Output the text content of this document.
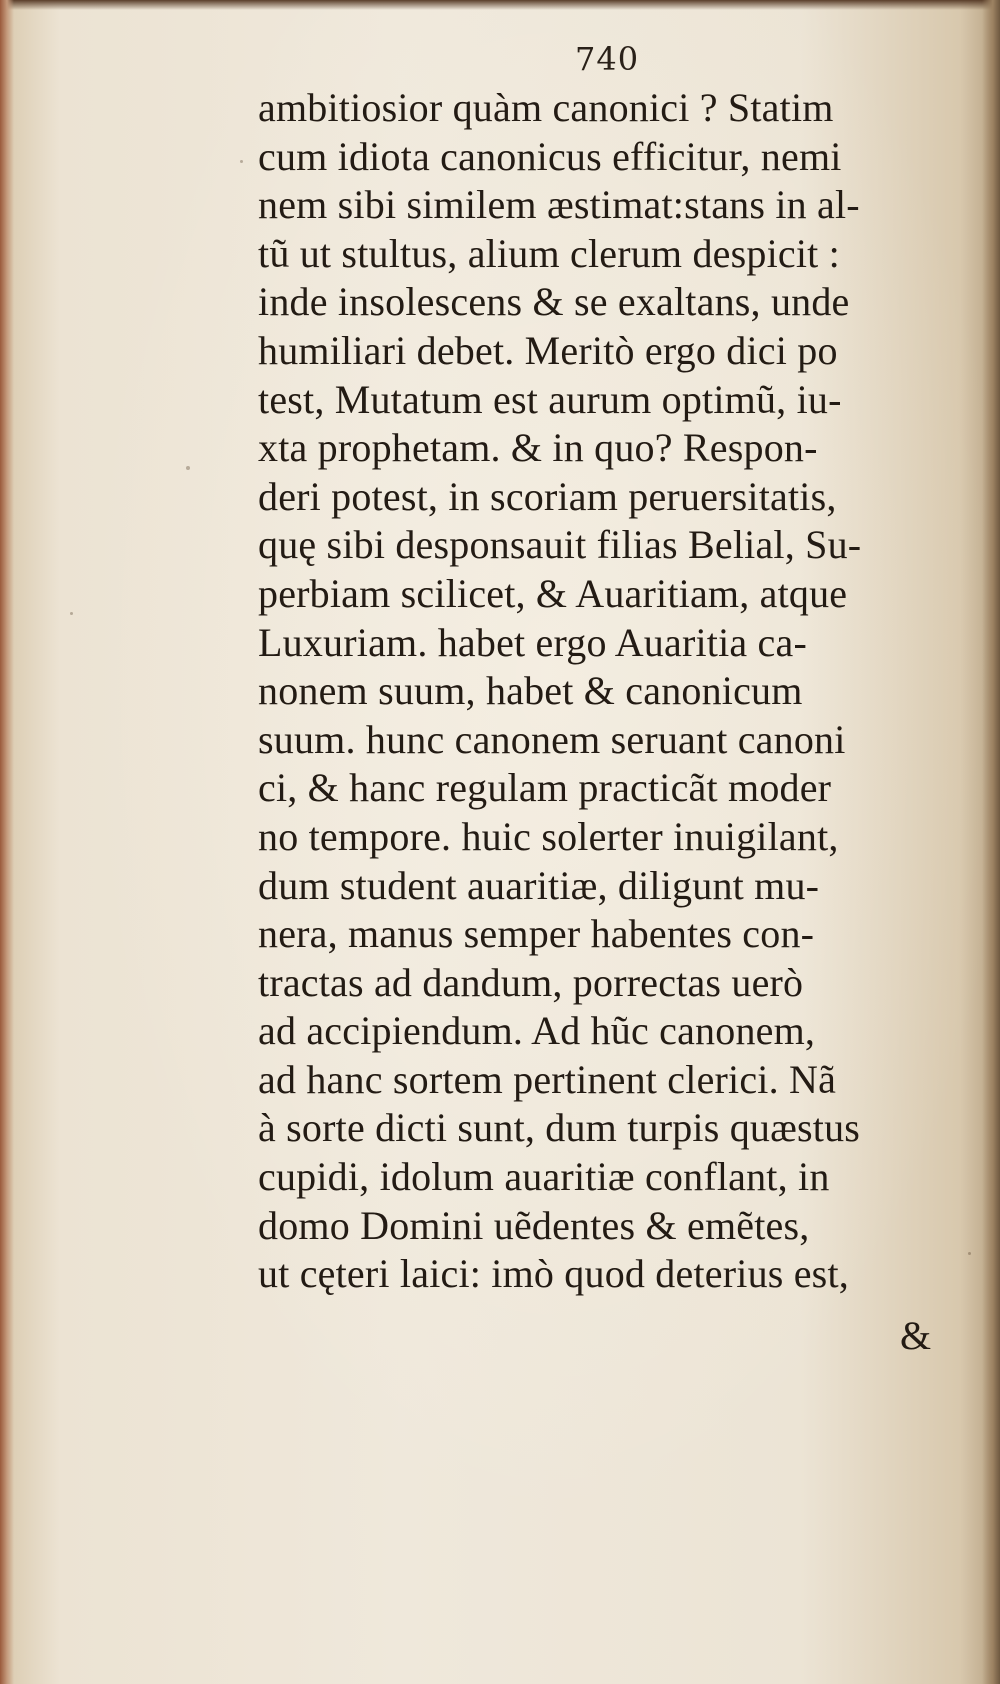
740
ambitiosior quàm canonici ? Statim
cum idiota canonicus efficitur, nemi
nem sibi similem æstimat:stans in al-
tũ ut stultus, alium clerum despicit :
inde insolescens & se exaltans, unde
humiliari debet. Meritò ergo dici po
test, Mutatum est aurum optimũ, iu-
xta prophetam. & in quo? Respon-
deri potest, in scoriam peruersitatis,
quę sibi desponsauit filias Belial, Su-
perbiam scilicet, & Auaritiam, atque
Luxuriam. habet ergo Auaritia ca-
nonem suum, habet & canonicum
suum. hunc canonem seruant canoni
ci, & hanc regulam practicãt moder
no tempore. huic solerter inuigilant,
dum student auaritiæ, diligunt mu-
nera, manus semper habentes con-
tractas ad dandum, porrectas uerò
ad accipiendum. Ad hũc canonem,
ad hanc sortem pertinent clerici. Nã
à sorte dicti sunt, dum turpis quæstus
cupidi, idolum auaritiæ conflant, in
domo Domini uẽdentes & emẽtes,
ut cęteri laici: imò quod deterius est,
&
